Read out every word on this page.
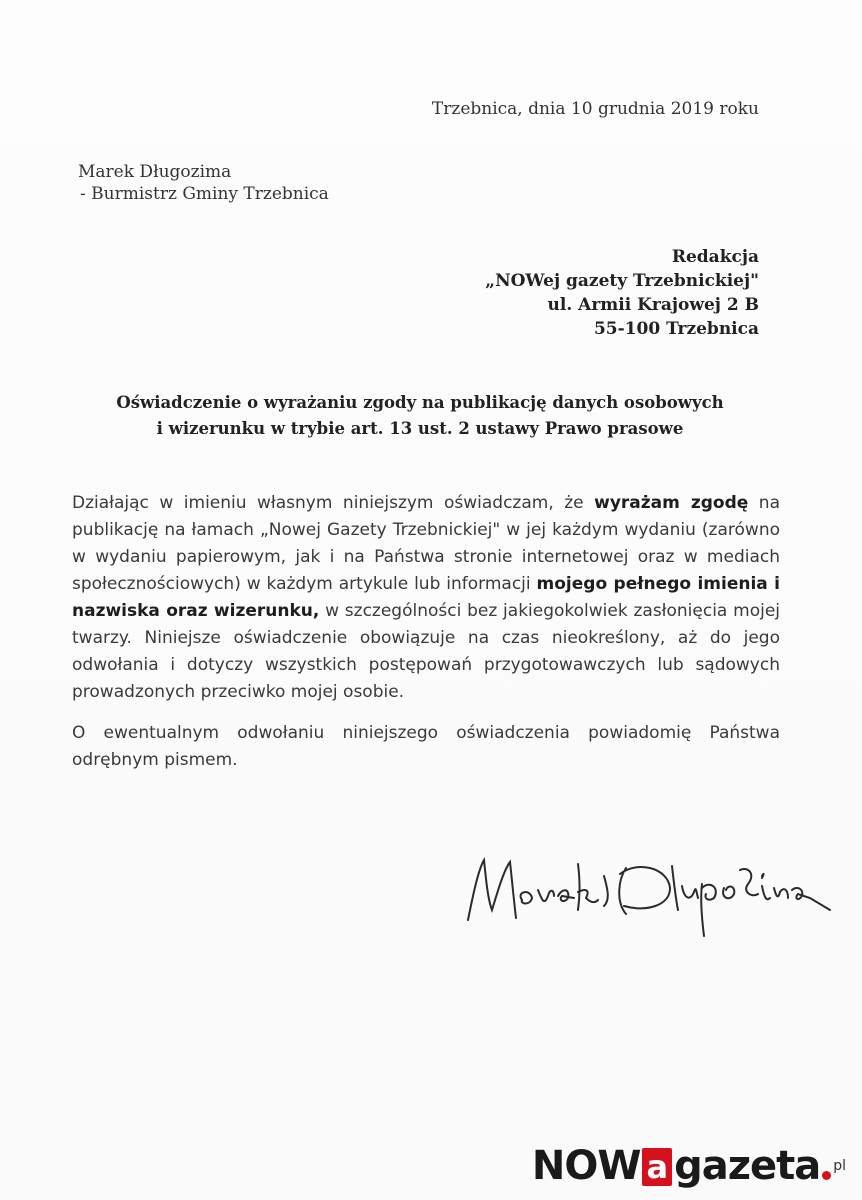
Trzebnica, dnia 10 grudnia 2019 roku
Marek Długozima
- Burmistrz Gminy Trzebnica
Redakcja
„NOWej gazety Trzebnickiej"
ul. Armii Krajowej 2 B
55-100 Trzebnica
Oświadczenie o wyrażaniu zgody na publikację danych osobowych
i wizerunku w trybie art. 13 ust. 2 ustawy Prawo prasowe

Działając w imieniu własnym niniejszym oświadczam, że wyrażam zgodę na publikację na łamach „Nowej Gazety Trzebnickiej" w jej każdym wydaniu (zarówno w wydaniu papierowym, jak i na Państwa stronie internetowej oraz w mediach społecznościowych) w każdym artykule lub informacji mojego pełnego imienia i nazwiska oraz wizerunku, w szczególności bez jakiegokolwiek zasłonięcia mojej twarzy. Niniejsze oświadczenie obowiązuje na czas nieokreślony, aż do jego odwołania i dotyczy wszystkich postępowań przygotowawczych lub sądowych prowadzonych przeciwko mojej osobie.

O ewentualnym odwołaniu niniejszego oświadczenia powiadomię Państwa odrębnym pismem.

NOW a gazeta pl
